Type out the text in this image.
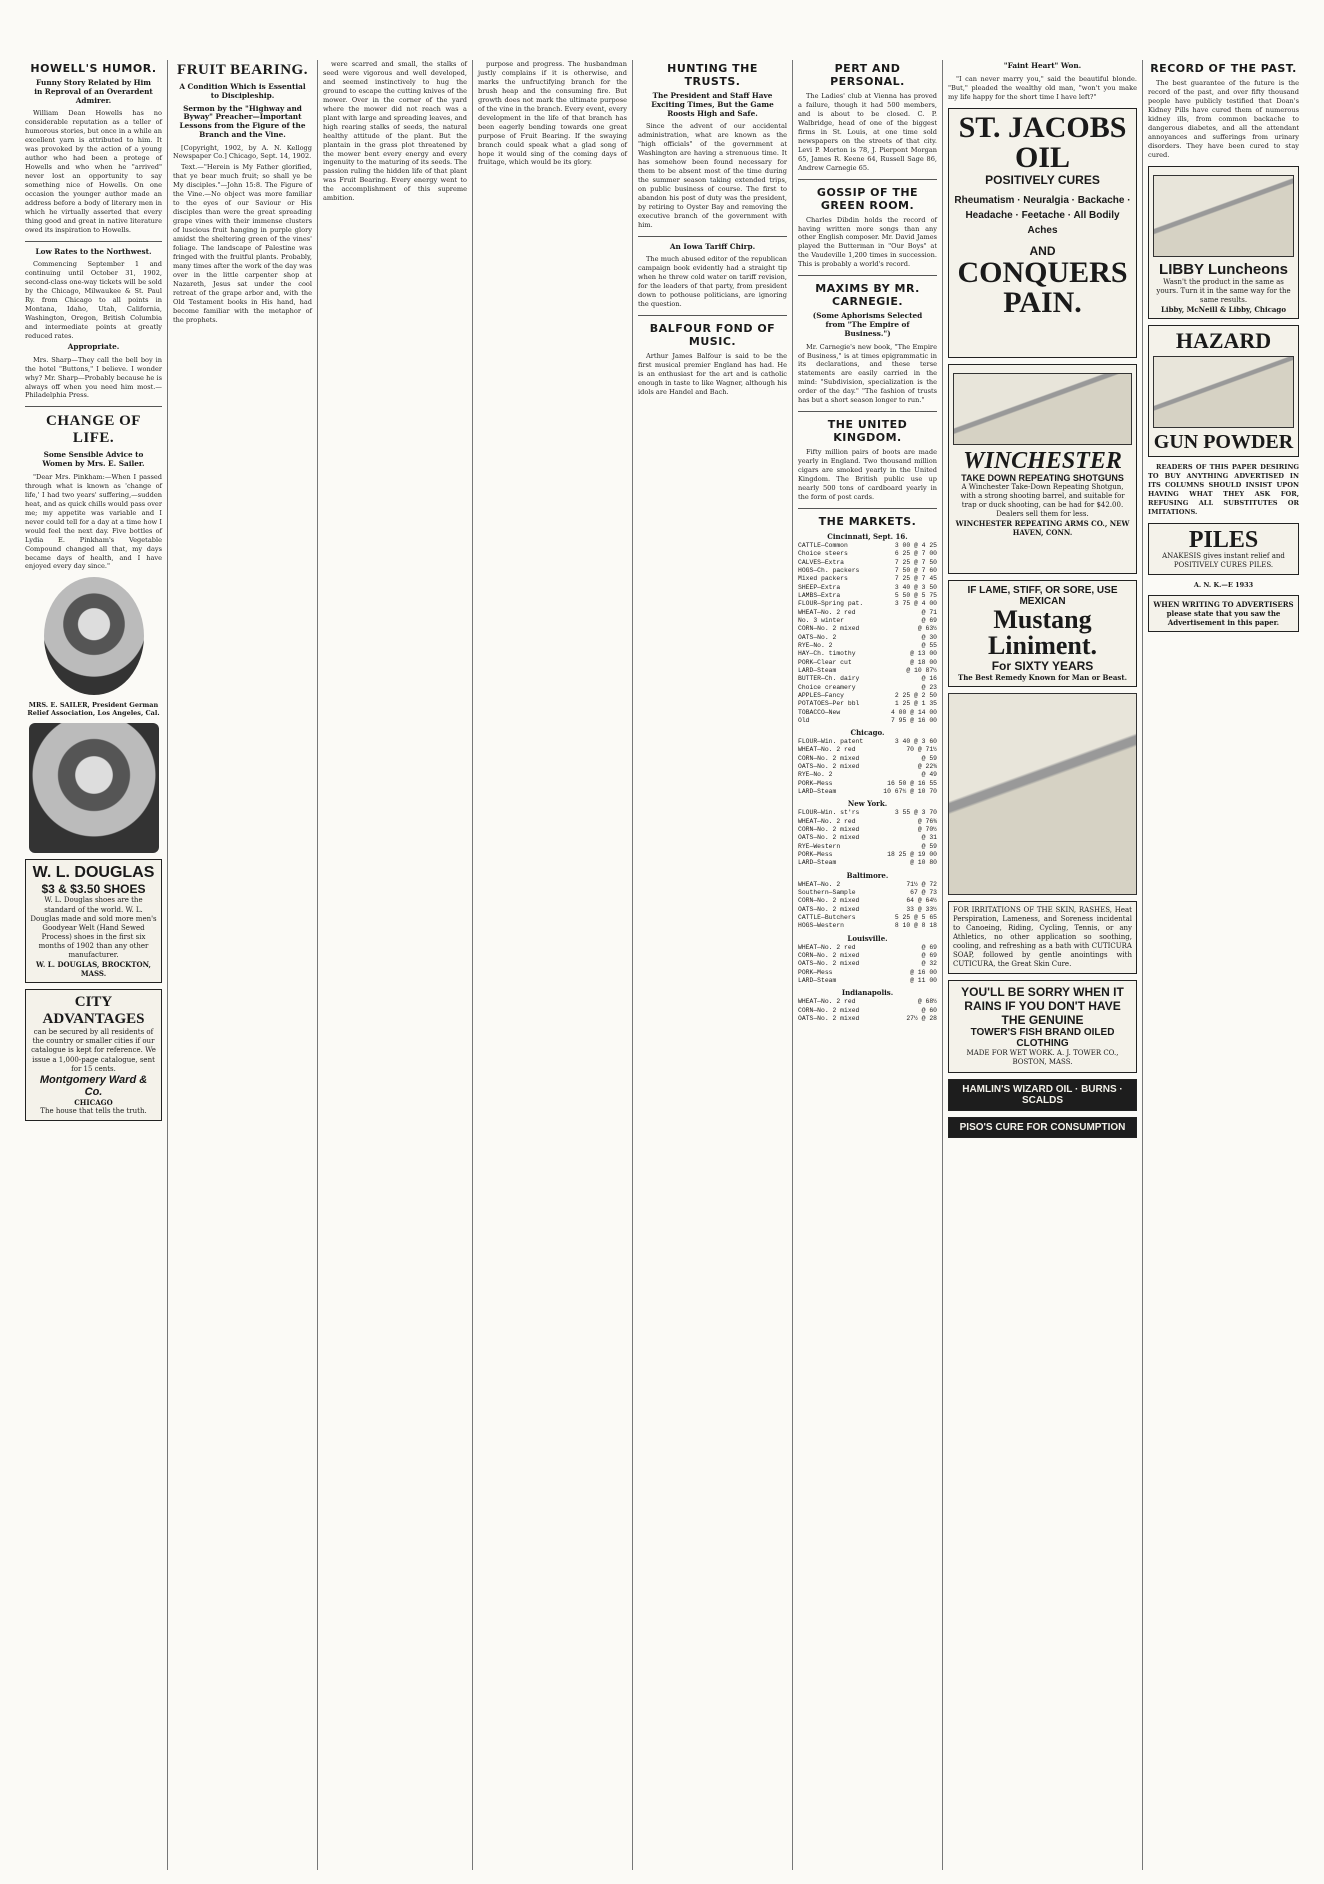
HOWELL'S HUMOR.
Funny Story Related by Him in Reproval of an Overardent Admirer.

William Dean Howells has no considerable reputation as a teller of humorous stories, but once in a while an excellent yarn is attributed to him. It was provoked by the action of a young author who had been a protege of Howells and who when he "arrived" never lost an opportunity to say something nice of Howells. On one occasion the younger author made an address before a body of literary men in which he virtually asserted that every thing good and great in native literature owed its inspiration to Howells.

Low Rates to the Northwest.

Commencing September 1 and continuing until October 31, 1902, second-class one-way tickets will be sold by the Chicago, Milwaukee & St. Paul Ry. from Chicago to all points in Montana, Idaho, Utah, California, Washington, Oregon, British Columbia and intermediate points at greatly reduced rates.

Appropriate.

Mrs. Sharp—They call the bell boy in the hotel "Buttons," I believe. I wonder why? Mr. Sharp—Probably because he is always off when you need him most.—Philadelphia Press.

CHANGE OF LIFE.
Some Sensible Advice to Women by Mrs. E. Sailer.

"Dear Mrs. Pinkham:—When I passed through what is known as 'change of life,' I had two years' suffering,—sudden heat, and as quick chills would pass over me; my appetite was variable and I never could tell for a day at a time how I would feel the next day. Five bottles of Lydia E. Pinkham's Vegetable Compound changed all that, my days became days of health, and I have enjoyed every day since."

MRS. E. SAILER, President German Relief Association, Los Angeles, Cal.
W. L. DOUGLAS
$3 & $3.50 SHOES
W. L. Douglas shoes are the standard of the world. W. L. Douglas made and sold more men's Goodyear Welt (Hand Sewed Process) shoes in the first six months of 1902 than any other manufacturer.
W. L. DOUGLAS, BROCKTON, MASS.
CITY ADVANTAGES
can be secured by all residents of the country or smaller cities if our catalogue is kept for reference. We issue a 1,000-page catalogue, sent for 15 cents.
Montgomery Ward & Co.
CHICAGO
The house that tells the truth.
FRUIT BEARING.
A Condition Which is Essential to Discipleship.
Sermon by the "Highway and Byway" Preacher—Important Lessons from the Figure of the Branch and the Vine.

[Copyright, 1902, by A. N. Kellogg Newspaper Co.] Chicago, Sept. 14, 1902.

Text.—"Herein is My Father glorified, that ye bear much fruit; so shall ye be My disciples."—John 15:8. The Figure of the Vine.—No object was more familiar to the eyes of our Saviour or His disciples than were the great spreading grape vines with their immense clusters of luscious fruit hanging in purple glory amidst the sheltering green of the vines' foliage. The landscape of Palestine was fringed with the fruitful plants. Probably, many times after the work of the day was over in the little carpenter shop at Nazareth, Jesus sat under the cool retreat of the grape arbor and, with the Old Testament books in His hand, had become familiar with the metaphor of the prophets.

were scarred and small, the stalks of seed were vigorous and well developed, and seemed instinctively to hug the ground to escape the cutting knives of the mower. Over in the corner of the yard where the mower did not reach was a plant with large and spreading leaves, and high rearing stalks of seeds, the natural healthy attitude of the plant. But the plantain in the grass plot threatened by the mower bent every energy and every ingenuity to the maturing of its seeds. The passion ruling the hidden life of that plant was Fruit Bearing. Every energy went to the accomplishment of this supreme ambition.

purpose and progress. The husbandman justly complains if it is otherwise, and marks the unfructifying branch for the brush heap and the consuming fire. But growth does not mark the ultimate purpose of the vine in the branch. Every event, every development in the life of that branch has been eagerly bending towards one great purpose of Fruit Bearing. If the swaying branch could speak what a glad song of hope it would sing of the coming days of fruitage, which would be its glory.

HUNTING THE TRUSTS.
The President and Staff Have Exciting Times, But the Game Roosts High and Safe.

Since the advent of our accidental administration, what are known as the "high officials" of the government at Washington are having a strenuous time. It has somehow been found necessary for them to be absent most of the time during the summer season taking extended trips, on public business of course. The first to abandon his post of duty was the president, by retiring to Oyster Bay and removing the executive branch of the government with him.

An Iowa Tariff Chirp.

The much abused editor of the republican campaign book evidently had a straight tip when he threw cold water on tariff revision, for the leaders of that party, from president down to pothouse politicians, are ignoring the question.

BALFOUR FOND OF MUSIC.

Arthur James Balfour is said to be the first musical premier England has had. He is an enthusiast for the art and is catholic enough in taste to like Wagner, although his idols are Handel and Bach.

PERT AND PERSONAL.

The Ladies' club at Vienna has proved a failure, though it had 500 members, and is about to be closed. C. P. Walbridge, head of one of the biggest firms in St. Louis, at one time sold newspapers on the streets of that city. Levi P. Morton is 78, J. Pierpont Morgan 65, James R. Keene 64, Russell Sage 86, Andrew Carnegie 65.

GOSSIP OF THE GREEN ROOM.

Charles Dibdin holds the record of having written more songs than any other English composer. Mr. David James played the Butterman in "Our Boys" at the Vaudeville 1,200 times in succession. This is probably a world's record.

MAXIMS BY MR. CARNEGIE.
(Some Aphorisms Selected from "The Empire of Business.")

Mr. Carnegie's new book, "The Empire of Business," is at times epigrammatic in its declarations, and these terse statements are easily carried in the mind: "Subdivision, specialization is the order of the day." "The fashion of trusts has but a short season longer to run."

THE UNITED KINGDOM.

Fifty million pairs of boots are made yearly in England. Two thousand million cigars are smoked yearly in the United Kingdom. The British public use up nearly 500 tons of cardboard yearly in the form of post cards.

THE MARKETS.
Cincinnati, Sept. 16.
CATTLE—Common	3 00 @ 4 25
Choice steers	6 25 @ 7 00
CALVES—Extra	7 25 @ 7 50
HOGS—Ch. packers	7 50 @ 7 60
Mixed packers	7 25 @ 7 45
SHEEP—Extra	3 40 @ 3 50
LAMBS—Extra	5 50 @ 5 75
FLOUR—Spring pat.	3 75 @ 4 00
WHEAT—No. 2 red	@ 71
No. 3 winter	@ 69
CORN—No. 2 mixed	@ 63½
OATS—No. 2	@ 30
RYE—No. 2	@ 55
HAY—Ch. timothy	@ 13 00
PORK—Clear cut	@ 18 00
LARD—Steam	@ 10 87½
BUTTER—Ch. dairy	@ 16
Choice creamery	@ 23
APPLES—Fancy	2 25 @ 2 50
POTATOES—Per bbl	1 25 @ 1 35
TOBACCO—New	4 00 @ 14 00
Old	7 95 @ 16 00
Chicago.
FLOUR—Win. patent	3 40 @ 3 60
WHEAT—No. 2 red	70 @ 71½
CORN—No. 2 mixed	@ 59
OATS—No. 2 mixed	@ 22¾
RYE—No. 2	@ 49
PORK—Mess	16 50 @ 16 55
LARD—Steam	10 67½ @ 10 70
New York.
FLOUR—Win. st'rs	3 55 @ 3 70
WHEAT—No. 2 red	@ 76¾
CORN—No. 2 mixed	@ 70½
OATS—No. 2 mixed	@ 31
RYE—Western	@ 59
PORK—Mess	18 25 @ 19 00
LARD—Steam	@ 10 80
Baltimore.
WHEAT—No. 2	71½ @ 72
Southern—Sample	67 @ 73
CORN—No. 2 mixed	64 @ 64½
OATS—No. 2 mixed	33 @ 33½
CATTLE—Butchers	5 25 @ 5 65
HOGS—Western	8 10 @ 8 18
Louisville.
WHEAT—No. 2 red	@ 69
CORN—No. 2 mixed	@ 69
OATS—No. 2 mixed	@ 32
PORK—Mess	@ 16 00
LARD—Steam	@ 11 00
Indianapolis.
WHEAT—No. 2 red	@ 68½
CORN—No. 2 mixed	@ 60
OATS—No. 2 mixed	27½ @ 28
"Faint Heart" Won.

"I can never marry you," said the beautiful blonde. "But," pleaded the wealthy old man, "won't you make my life happy for the short time I have left?"

ST. JACOBS OIL
POSITIVELY CURES
Rheumatism · Neuralgia · Backache · Headache · Feetache · All Bodily Aches
AND
CONQUERS PAIN.
WINCHESTER
TAKE DOWN REPEATING SHOTGUNS
A Winchester Take-Down Repeating Shotgun, with a strong shooting barrel, and suitable for trap or duck shooting, can be had for $42.00. Dealers sell them for less.
WINCHESTER REPEATING ARMS CO., NEW HAVEN, CONN.
IF LAME, STIFF, OR SORE, USE MEXICAN
Mustang Liniment.
For SIXTY YEARS
The Best Remedy Known for Man or Beast.
FOR IRRITATIONS OF THE SKIN, RASHES, Heat Perspiration, Lameness, and Soreness incidental to Canoeing, Riding, Cycling, Tennis, or any Athletics, no other application so soothing, cooling, and refreshing as a bath with CUTICURA SOAP, followed by gentle anointings with CUTICURA, the Great Skin Cure.
YOU'LL BE SORRY WHEN IT RAINS IF YOU DON'T HAVE THE GENUINE
TOWER'S FISH BRAND OILED CLOTHING
MADE FOR WET WORK. A. J. TOWER CO., BOSTON, MASS.
HAMLIN'S WIZARD OIL · BURNS · SCALDS
PISO'S CURE FOR CONSUMPTION
RECORD OF THE PAST.

The best guarantee of the future is the record of the past, and over fifty thousand people have publicly testified that Doan's Kidney Pills have cured them of numerous kidney ills, from common backache to dangerous diabetes, and all the attendant annoyances and sufferings from urinary disorders. They have been cured to stay cured.

LIBBY Luncheons
Wasn't the product in the same as yours. Turn it in the same way for the same results.
Libby, McNeill & Libby, Chicago
HAZARD
GUN POWDER

READERS OF THIS PAPER DESIRING TO BUY ANYTHING ADVERTISED IN ITS COLUMNS SHOULD INSIST UPON HAVING WHAT THEY ASK FOR, REFUSING ALL SUBSTITUTES OR IMITATIONS.

PILES
ANAKESIS gives instant relief and POSITIVELY CURES PILES.
A. N. K.—E 1933
WHEN WRITING TO ADVERTISERS please state that you saw the Advertisement in this paper.
